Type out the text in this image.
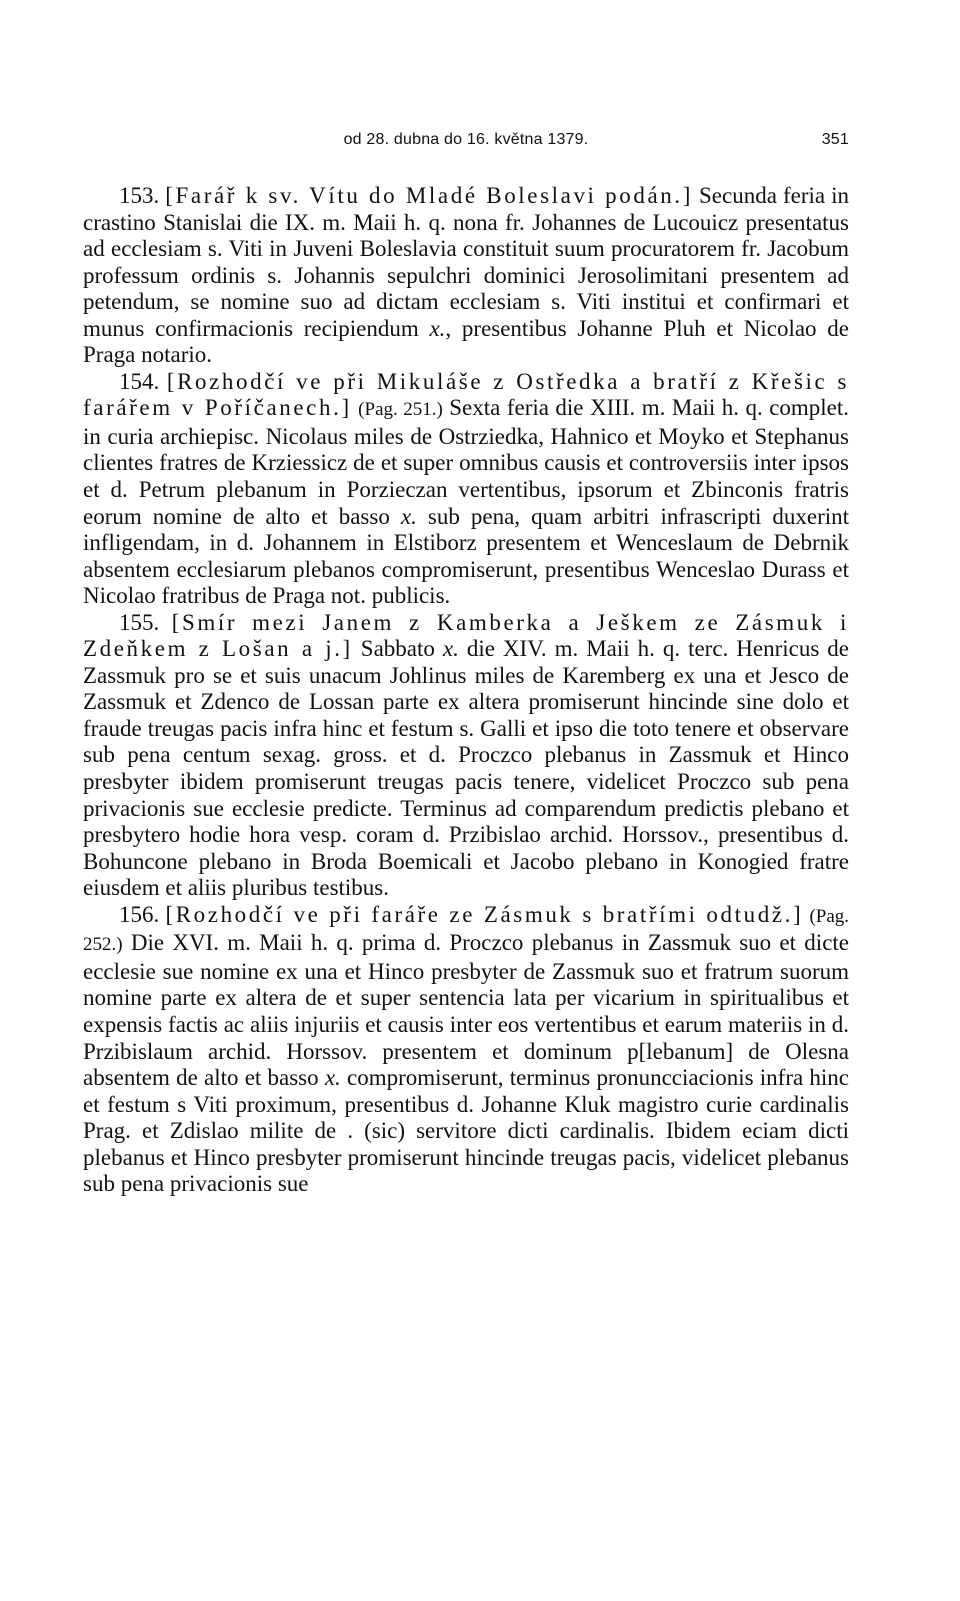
od 28. dubna do 16. května 1379.	351

153. [Farář k sv. Vítu do Mladé Boleslavi podán.] Secunda feria in crastino Stanislai die IX. m. Maii h. q. nona fr. Johannes de Lucouicz presentatus ad ecclesiam s. Viti in Juveni Boleslavia constituit suum procuratorem fr. Jacobum professum ordinis s. Johannis sepulchri dominici Jerosolimitani presentem ad petendum, se nomine suo ad dictam ecclesiam s. Viti institui et confirmari et munus confirmacionis recipiendum x., presentibus Johanne Pluh et Nicolao de Praga notario.

154. [Rozhodčí ve při Mikuláše z Ostředka a bratří z Křešic s farářem v Poříčanech.] (Pag. 251.) Sexta feria die XIII. m. Maii h. q. complet. in curia archiepisc. Nicolaus miles de Ostrziedka, Hahnico et Moyko et Stephanus clientes fratres de Krziessicz de et super omnibus causis et controversiis inter ipsos et d. Petrum plebanum in Porzieczan vertentibus, ipsorum et Zbinconis fratris eorum nomine de alto et basso x. sub pena, quam arbitri infrascripti duxerint infligendam, in d. Johannem in Elstiborz presentem et Wenceslaum de Debrnik absentem ecclesiarum plebanos compromiserunt, presentibus Wenceslao Durass et Nicolao fratribus de Praga not. publicis.

155. [Smír mezi Janem z Kamberka a Ješkem ze Zásmuk i Zdeňkem z Lošan a j.] Sabbato x. die XIV. m. Maii h. q. terc. Henricus de Zassmuk pro se et suis unacum Johlinus miles de Karemberg ex una et Jesco de Zassmuk et Zdenco de Lossan parte ex altera promiserunt hincinde sine dolo et fraude treugas pacis infra hinc et festum s. Galli et ipso die toto tenere et observare sub pena centum sexag. gross. et d. Proczco plebanus in Zassmuk et Hinco presbyter ibidem promiserunt treugas pacis tenere, videlicet Proczco sub pena privacionis sue ecclesie predicte. Terminus ad comparendum predictis plebano et presbytero hodie hora vesp. coram d. Przibislao archid. Horssov., presentibus d. Bohuncone plebano in Broda Boemicali et Jacobo plebano in Konogied fratre eiusdem et aliis pluribus testibus.

156. [Rozhodčí ve při faráře ze Zásmuk s bratřími odtudž.] (Pag. 252.) Die XVI. m. Maii h. q. prima d. Proczco plebanus in Zassmuk suo et dicte ecclesie sue nomine ex una et Hinco presbyter de Zassmuk suo et fratrum suorum nomine parte ex altera de et super sentencia lata per vicarium in spiritualibus et expensis factis ac aliis injuriis et causis inter eos vertentibus et earum materiis in d. Przibislaum archid. Horssov. presentem et dominum p[lebanum] de Olesna absentem de alto et basso x. compromiserunt, terminus pronuncciacionis infra hinc et festum s Viti proximum, presentibus d. Johanne Kluk magistro curie cardinalis Prag. et Zdislao milite de . (sic) servitore dicti cardinalis. Ibidem eciam dicti plebanus et Hinco presbyter promiserunt hincinde treugas pacis, videlicet plebanus sub pena privacionis sue
